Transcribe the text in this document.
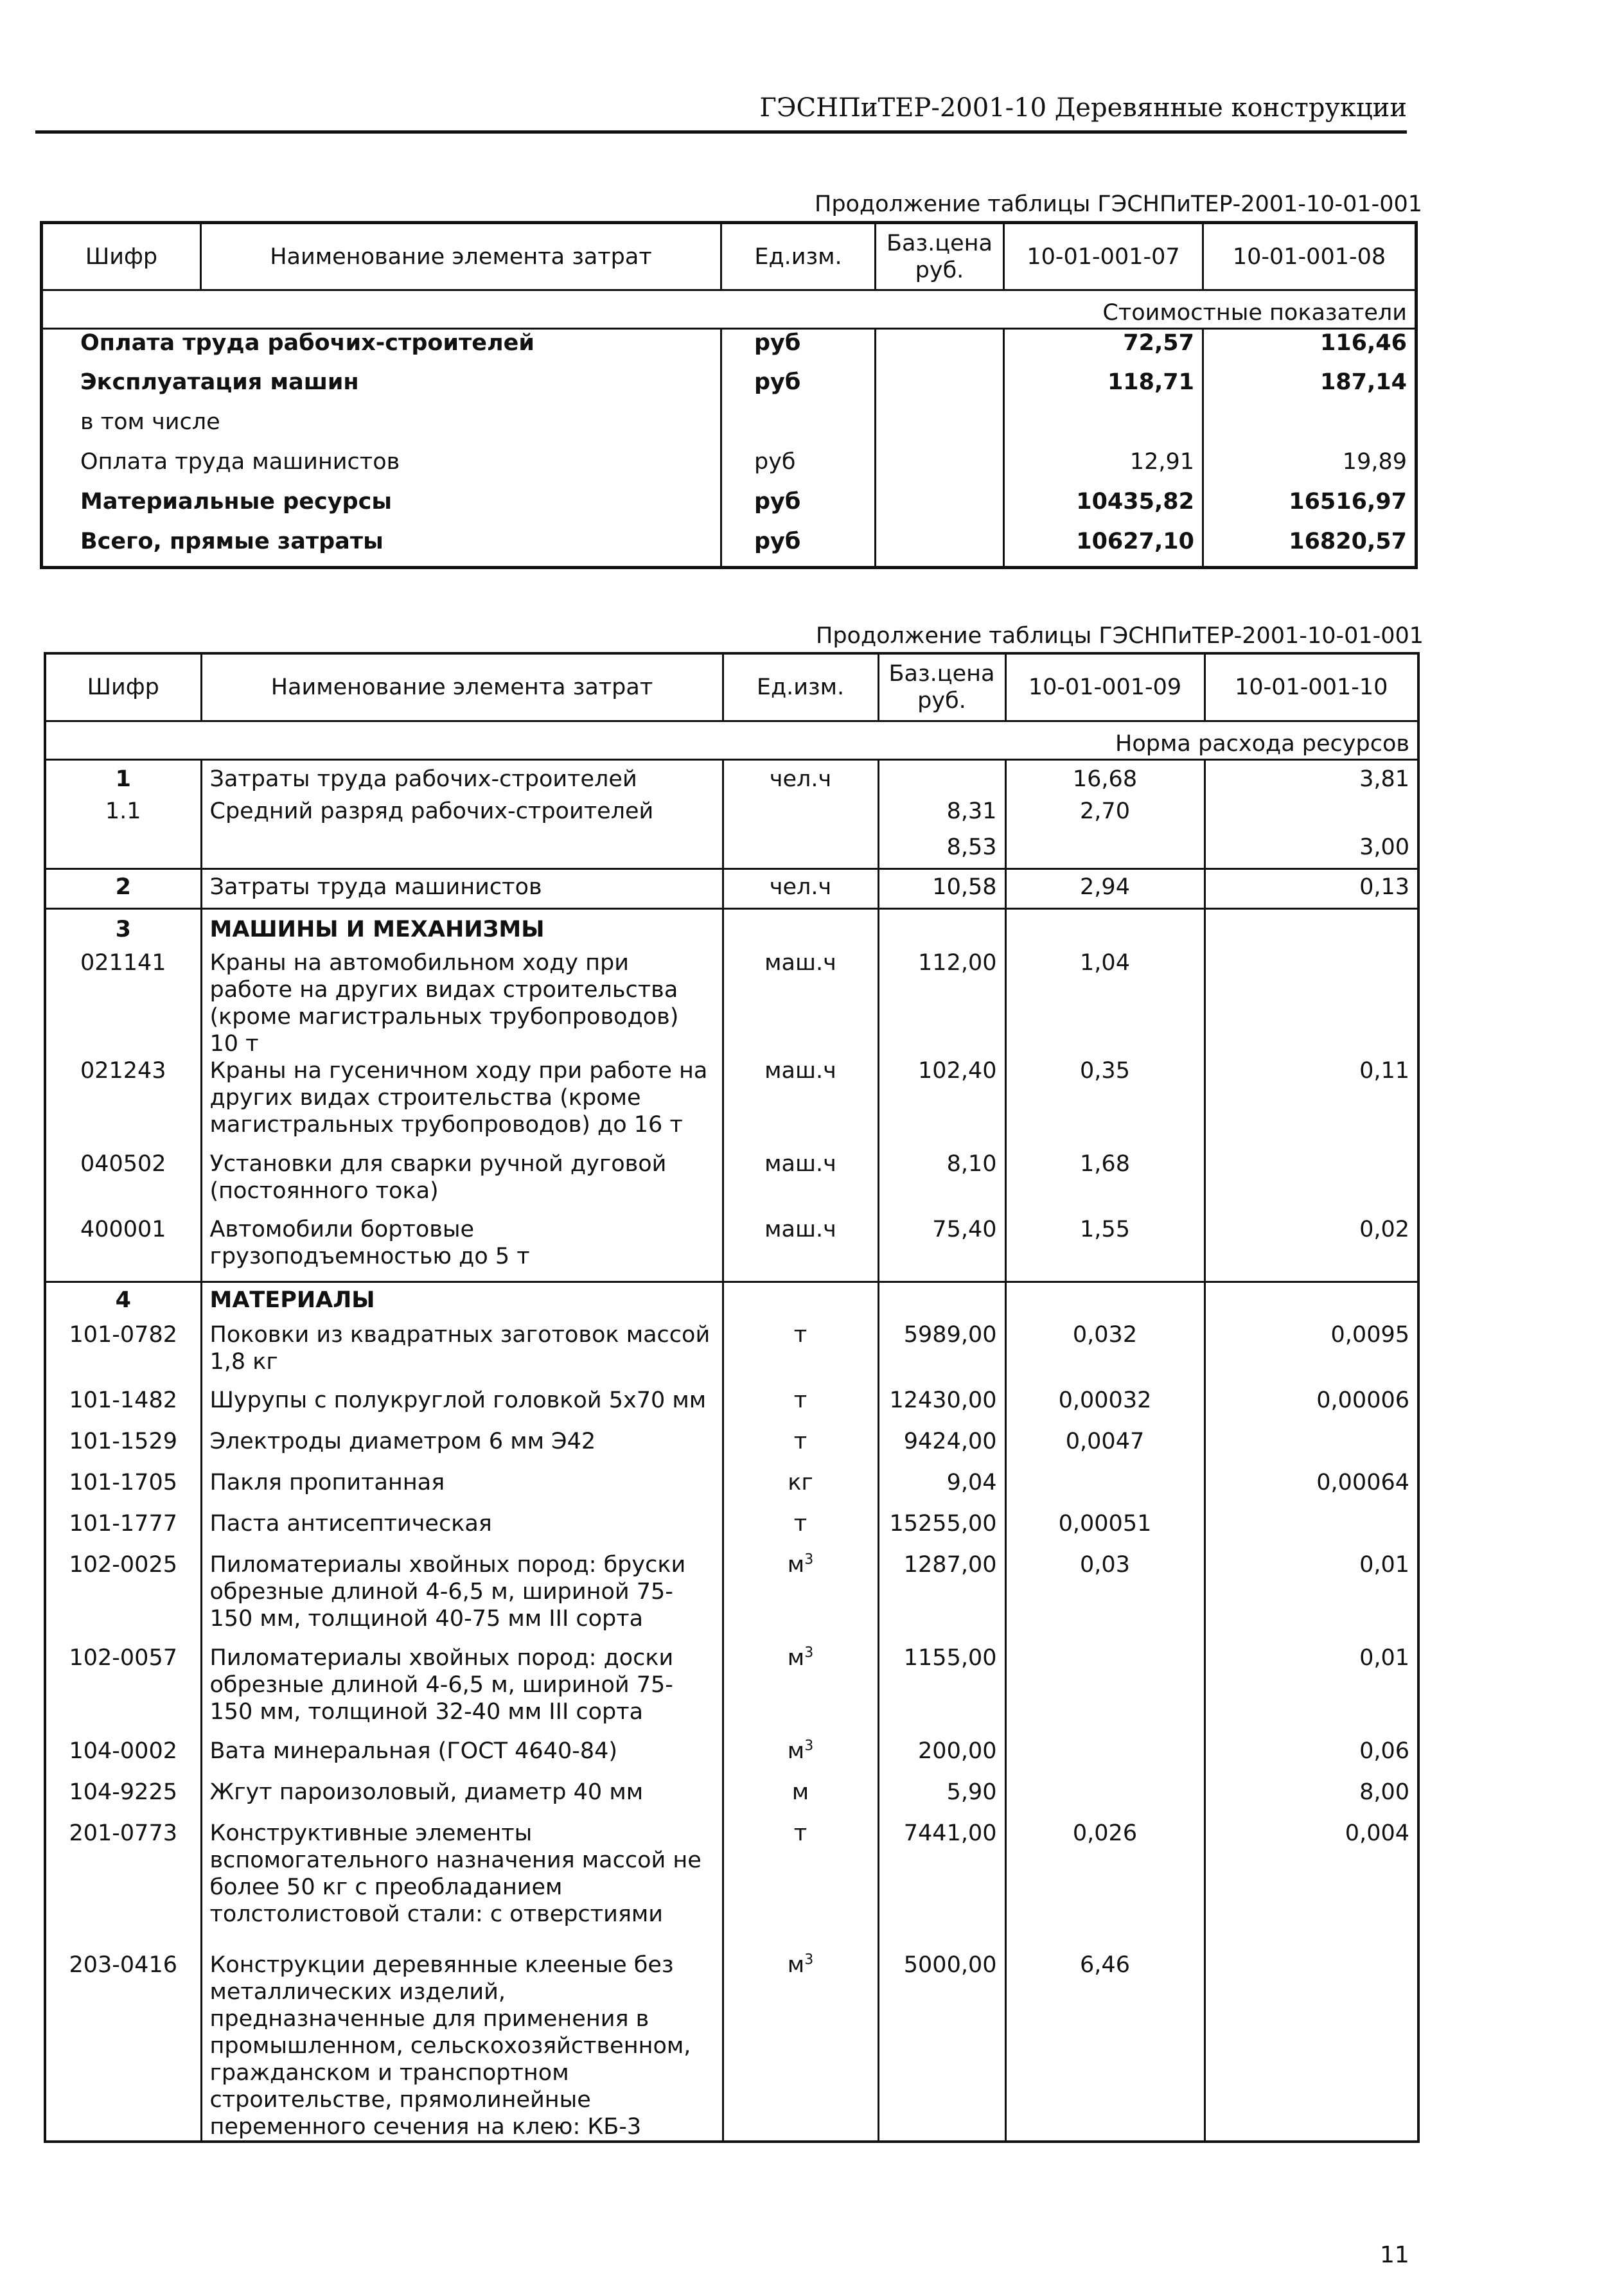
ГЭСНПиТЕР-2001-10 Деревянные конструкции
Продолжение таблицы ГЭСНПиТЕР-2001-10-01-001
Шифр	Наименование элемента затрат	Ед.изм.	Баз.цена руб.	10-01-001-07	10-01-001-08
Стоимостные показатели					
Оплата труда рабочих-строителей		руб		72,57	116,46
Эксплуатация машин		руб		118,71	187,14
в том числе					
Оплата труда машинистов		руб		12,91	19,89
Материальные ресурсы		руб		10435,82	16516,97
Всего, прямые затраты		руб		10627,10	16820,57
Продолжение таблицы ГЭСНПиТЕР-2001-10-01-001
Шифр	Наименование элемента затрат	Ед.изм.	Баз.цена руб.	10-01-001-09	10-01-001-10
Норма расхода ресурсов					
1	Затраты труда рабочих-строителей	чел.ч		16,68	3,81
1.1	Средний разряд рабочих-строителей		8,31	2,70	
			8,53		3,00
2	Затраты труда машинистов	чел.ч	10,58	2,94	0,13
3	МАШИНЫ И МЕХАНИЗМЫ				
021141	Краны на автомобильном ходу при работе на других видах строительства (кроме магистральных трубопроводов) 10 т	маш.ч	112,00	1,04	
021243	Краны на гусеничном ходу при работе на других видах строительства (кроме магистральных трубопроводов) до 16 т	маш.ч	102,40	0,35	0,11
040502	Установки для сварки ручной дуговой (постоянного тока)	маш.ч	8,10	1,68	
400001	Автомобили бортовые грузоподъемностью до 5 т	маш.ч	75,40	1,55	0,02
4	МАТЕРИАЛЫ				
101-0782	Поковки из квадратных заготовок массой 1,8 кг	т	5989,00	0,032	0,0095
101-1482	Шурупы с полукруглой головкой 5х70 мм	т	12430,00	0,00032	0,00006
101-1529	Электроды диаметром 6 мм Э42	т	9424,00	0,0047	
101-1705	Пакля пропитанная	кг	9,04		0,00064
101-1777	Паста антисептическая	т	15255,00	0,00051	
102-0025	Пиломатериалы хвойных пород: бруски обрезные длиной 4-6,5 м, шириной 75-150 мм, толщиной 40-75 мм III сорта	$м^3$	1287,00	0,03	0,01
102-0057	Пиломатериалы хвойных пород: доски обрезные длиной 4-6,5 м, шириной 75-150 мм, толщиной 32-40 мм III сорта	$м^3$	1155,00		0,01
104-0002	Вата минеральная (ГОСТ 4640-84)	$м^3$	200,00		0,06
104-9225	Жгут пароизоловый, диаметр 40 мм	м	5,90		8,00
201-0773	Конструктивные элементы вспомогательного назначения массой не более 50 кг с преобладанием толстолистовой стали: с отверстиями	т	7441,00	0,026	0,004
203-0416	Конструкции деревянные клееные без металлических изделий, предназначенные для применения в промышленном, сельскохозяйственном, гражданском и транспортном строительстве, прямолинейные переменного сечения на клею: КБ-3	$м^3$	5000,00	6,46	
11
